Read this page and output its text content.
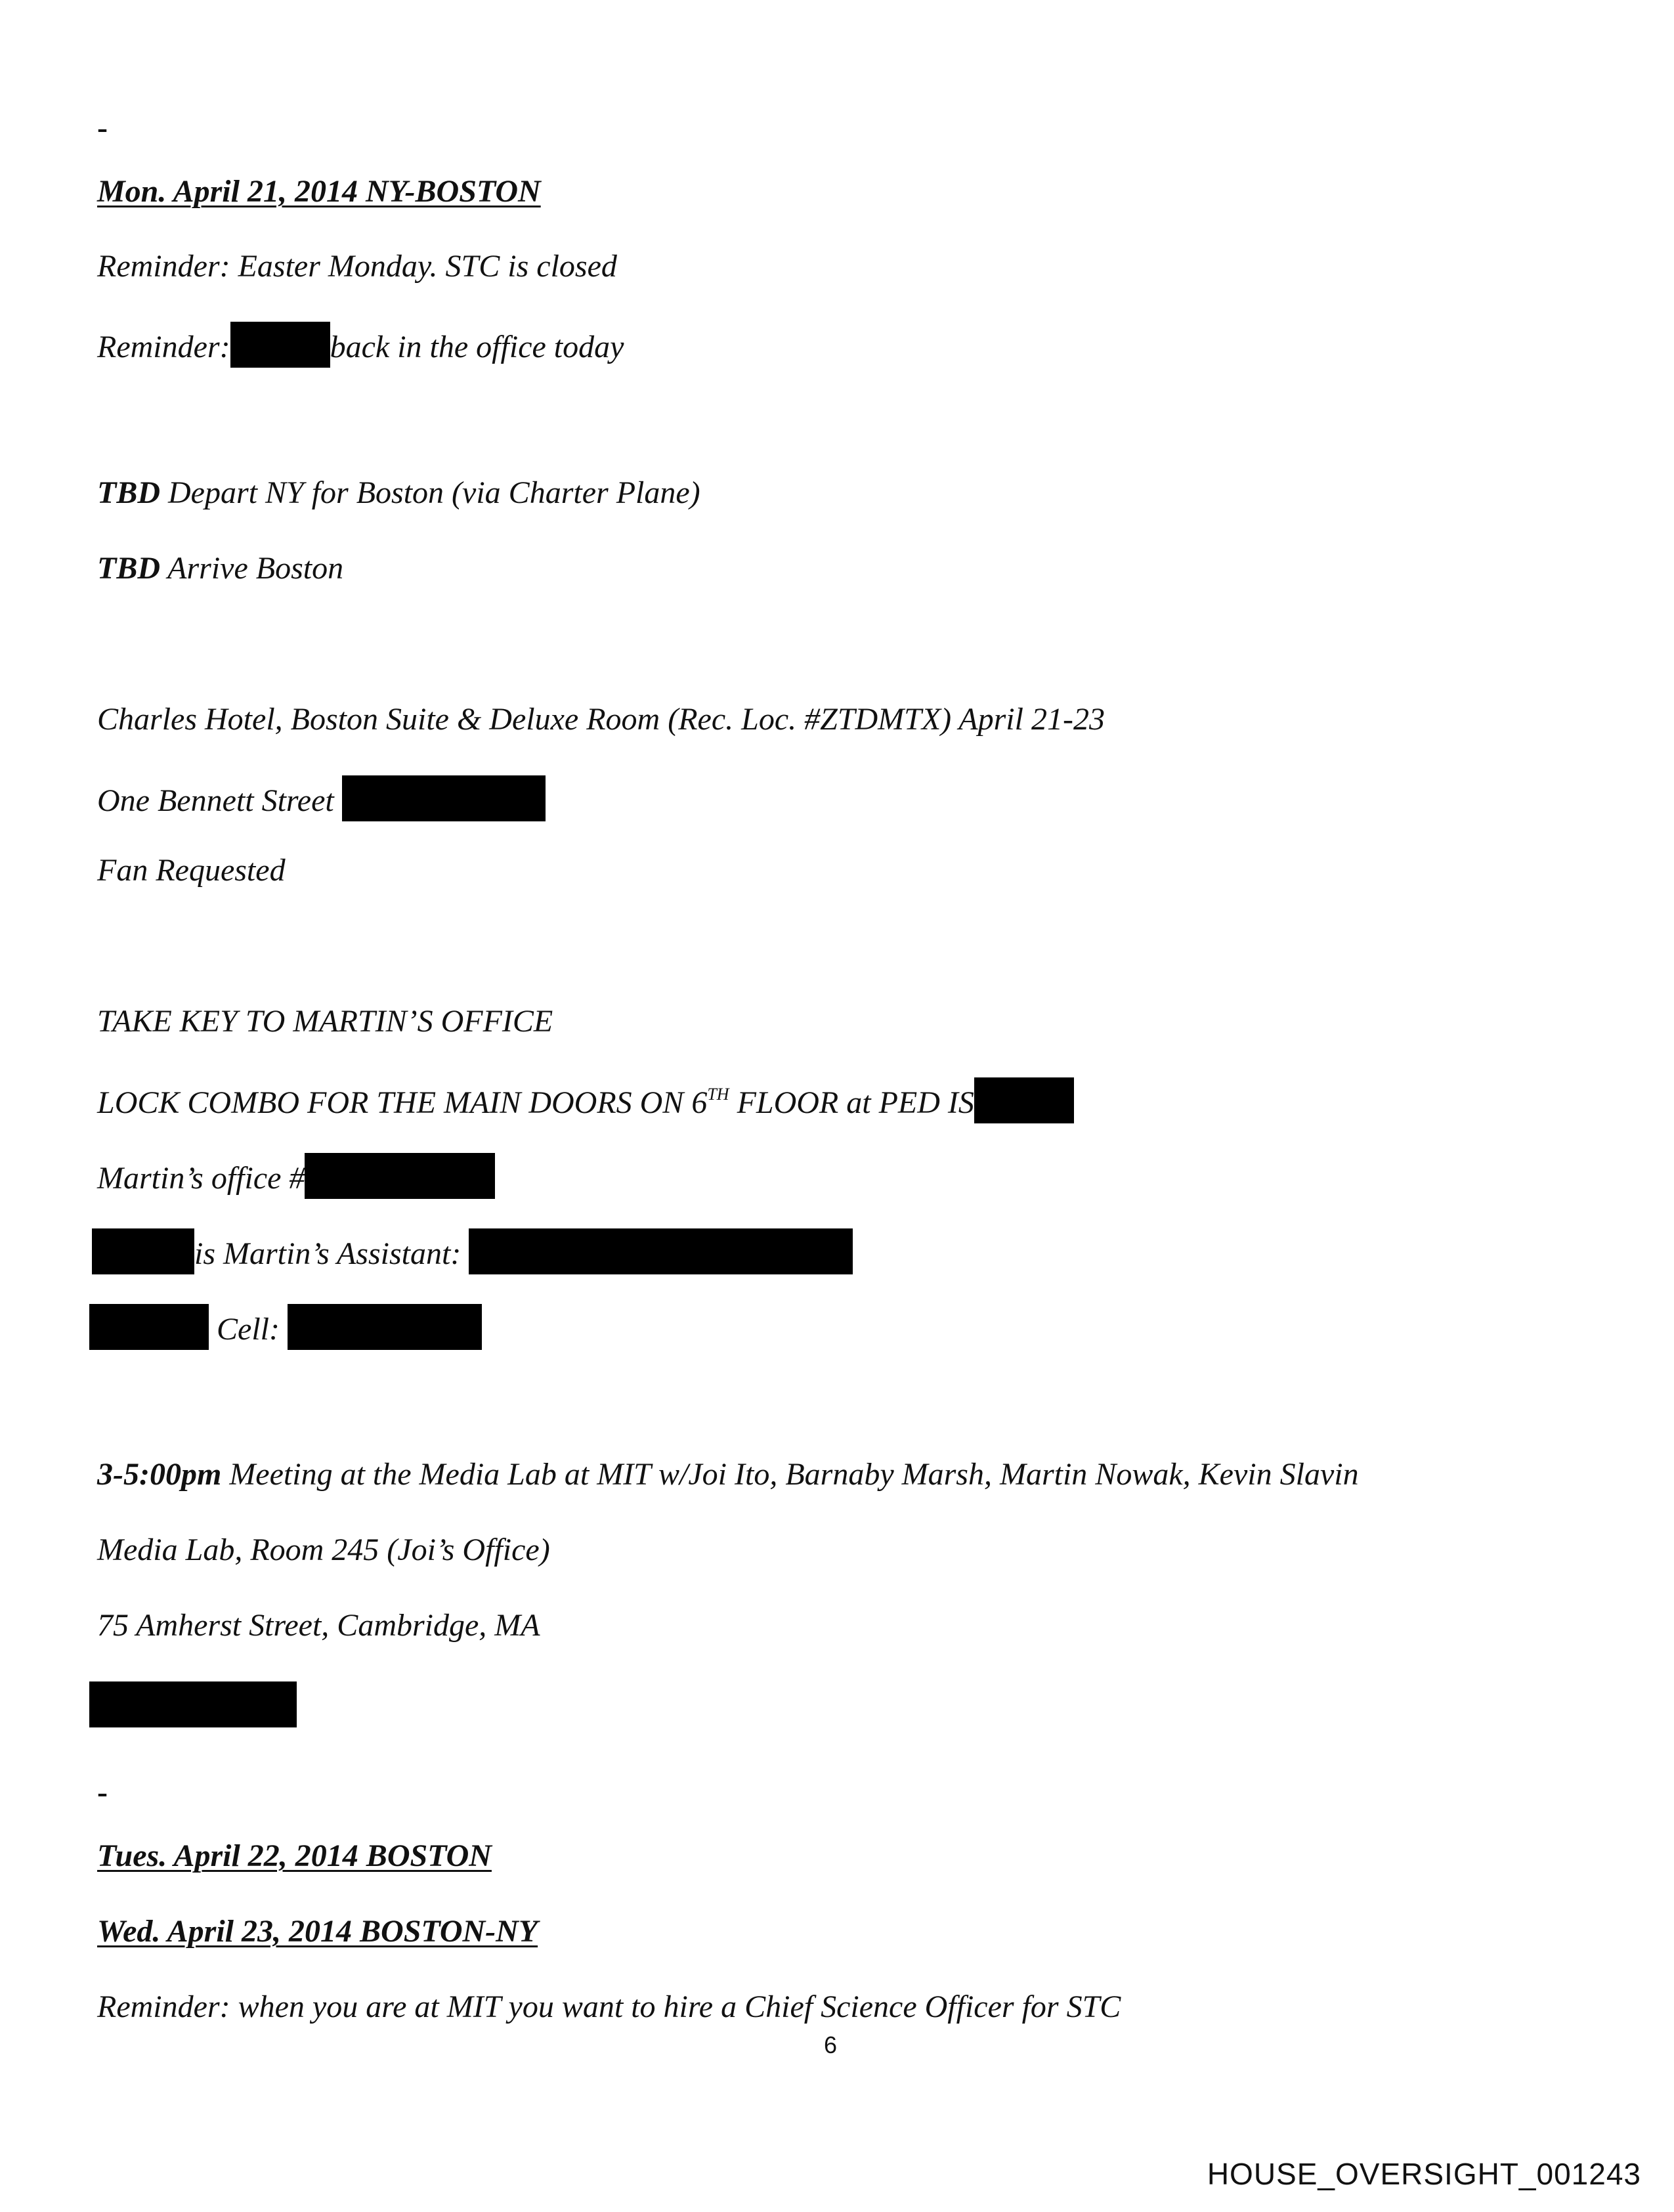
-
Mon. April 21, 2014 NY-BOSTON
Reminder: Easter Monday. STC is closed
Reminder:	back in the office today
TBD Depart NY for Boston (via Charter Plane)
TBD Arrive Boston
Charles Hotel, Boston Suite & Deluxe Room (Rec. Loc. #ZTDMTX) April 21-23
One Bennett Street
Fan Requested
TAKE KEY TO MARTIN’S OFFICE
LOCK COMBO FOR THE MAIN DOORS ON 6TH FLOOR at PED IS
Martin’s office #
is Martin’s Assistant:
Cell:
3-5:00pm Meeting at the Media Lab at MIT w/Joi Ito, Barnaby Marsh, Martin Nowak, Kevin Slavin
Media Lab, Room 245 (Joi’s Office)
75 Amherst Street, Cambridge, MA
-
Tues. April 22, 2014 BOSTON
Wed. April 23, 2014 BOSTON-NY
Reminder: when you are at MIT you want to hire a Chief Science Officer for STC
6
HOUSE_OVERSIGHT_001243
